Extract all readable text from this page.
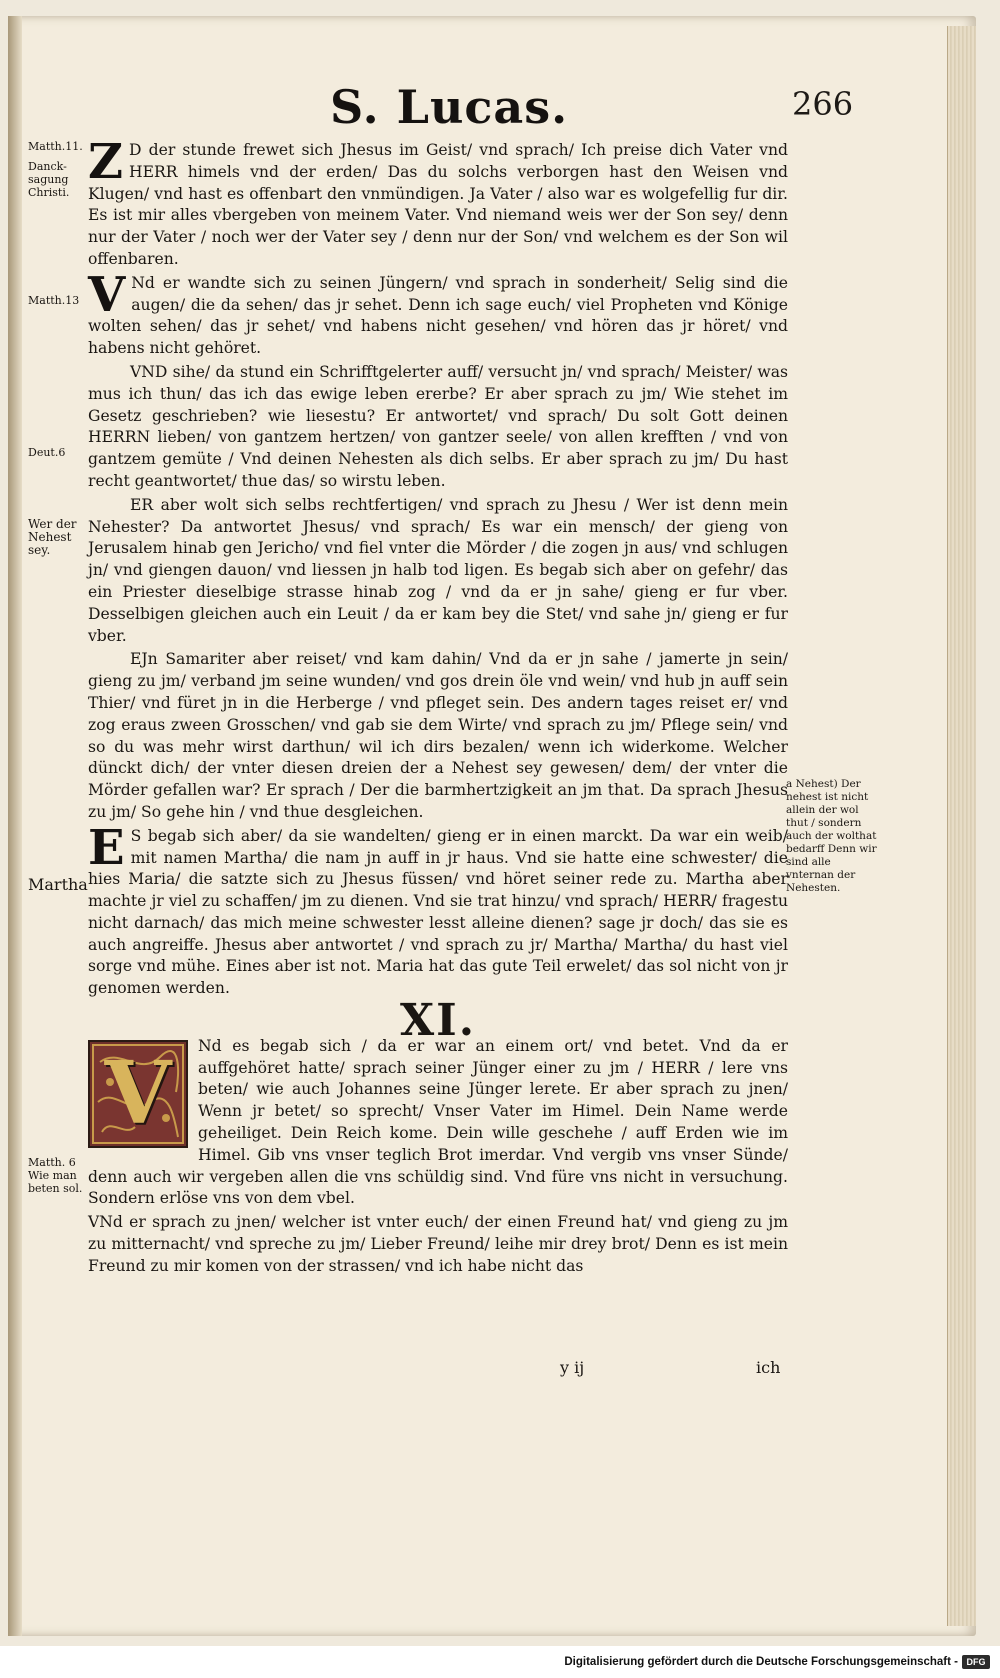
S. Lucas.	266

Matth.11.
Danck-sagung Christi.
Matth.13
Deut.6
Wer der Nehest sey.
Martha
Matth. 6 Wie man beten sol.
a Nehest) Der nehest ist nicht allein der wol thut / sondern auch der wolthat bedarff Denn wir sind alle vnternan der Nehesten.

Z D der stunde frewet sich Jhesus im Geist/ vnd sprach/ Ich preise dich Vater vnd HERR himels vnd der erden/ Das du solchs verborgen hast den Weisen vnd Klugen/ vnd hast es offenbart den vnmündigen. Ja Vater / also war es wolgefellig fur dir. Es ist mir alles vbergeben von meinem Vater. Vnd niemand weis wer der Son sey/ denn nur der Vater / noch wer der Vater sey / denn nur der Son/ vnd welchem es der Son wil offenbaren.

V Nd er wandte sich zu seinen Jüngern/ vnd sprach in sonderheit/ Selig sind die augen/ die da sehen/ das jr sehet. Denn ich sage euch/ viel Propheten vnd Könige wolten sehen/ das jr sehet/ vnd habens nicht gesehen/ vnd hören das jr höret/ vnd habens nicht gehöret.

VND sihe/ da stund ein Schrifftgelerter auff/ versucht jn/ vnd sprach/ Meister/ was mus ich thun/ das ich das ewige leben ererbe? Er aber sprach zu jm/ Wie stehet im Gesetz geschrieben? wie liesestu? Er antwortet/ vnd sprach/ Du solt Gott deinen HERRN lieben/ von gantzem hertzen/ von gantzer seele/ von allen krefften / vnd von gantzem gemüte / Vnd deinen Nehesten als dich selbs. Er aber sprach zu jm/ Du hast recht geantwortet/ thue das/ so wirstu leben.

ER aber wolt sich selbs rechtfertigen/ vnd sprach zu Jhesu / Wer ist denn mein Nehester? Da antwortet Jhesus/ vnd sprach/ Es war ein mensch/ der gieng von Jerusalem hinab gen Jericho/ vnd fiel vnter die Mörder / die zogen jn aus/ vnd schlugen jn/ vnd giengen dauon/ vnd liessen jn halb tod ligen. Es begab sich aber on gefehr/ das ein Priester dieselbige strasse hinab zog / vnd da er jn sahe/ gieng er fur vber. Desselbigen gleichen auch ein Leuit / da er kam bey die Stet/ vnd sahe jn/ gieng er fur vber.

EJn Samariter aber reiset/ vnd kam dahin/ Vnd da er jn sahe / jamerte jn sein/ gieng zu jm/ verband jm seine wunden/ vnd gos drein öle vnd wein/ vnd hub jn auff sein Thier/ vnd füret jn in die Herberge / vnd pfleget sein. Des andern tages reiset er/ vnd zog eraus zween Grosschen/ vnd gab sie dem Wirte/ vnd sprach zu jm/ Pflege sein/ vnd so du was mehr wirst darthun/ wil ich dirs bezalen/ wenn ich widerkome. Welcher dünckt dich/ der vnter diesen dreien der a Nehest sey gewesen/ dem/ der vnter die Mörder gefallen war? Er sprach / Der die barmhertzigkeit an jm that. Da sprach Jhesus zu jm/ So gehe hin / vnd thue desgleichen.

E S begab sich aber/ da sie wandelten/ gieng er in einen marckt. Da war ein weib/ mit namen Martha/ die nam jn auff in jr haus. Vnd sie hatte eine schwester/ die hies Maria/ die satzte sich zu Jhesus füssen/ vnd höret seiner rede zu. Martha aber machte jr viel zu schaffen/ jm zu dienen. Vnd sie trat hinzu/ vnd sprach/ HERR/ fragestu nicht darnach/ das mich meine schwester lesst alleine dienen? sage jr doch/ das sie es auch angreiffe. Jhesus aber antwortet / vnd sprach zu jr/ Martha/ Martha/ du hast viel sorge vnd mühe. Eines aber ist not. Maria hat das gute Teil erwelet/ das sol nicht von jr genomen werden.

XI.

V	Nd es begab sich / da er war an einem ort/ vnd betet. Vnd da er auffgehöret hatte/ sprach seiner Jünger einer zu jm / HERR / lere vns beten/ wie auch Johannes seine Jünger lerete. Er aber sprach zu jnen/ Wenn jr betet/ so sprecht/ Vnser Vater im Himel. Dein Name werde geheiliget. Dein Reich kome. Dein wille geschehe / auff Erden wie im Himel. Gib vns vnser teglich Brot imerdar. Vnd vergib vns vnser Sünde/ denn auch wir vergeben allen die vns schüldig sind. Vnd füre vns nicht in versuchung. Sondern erlöse vns von dem vbel.

VNd er sprach zu jnen/ welcher ist vnter euch/ der einen Freund hat/ vnd gieng zu jm zu mitternacht/ vnd spreche zu jm/ Lieber Freund/ leihe mir drey brot/ Denn es ist mein Freund zu mir komen von der strassen/ vnd ich habe nicht das

y ij	ich

Digitalisierung gefördert durch die Deutsche Forschungsgemeinschaft - DFG
